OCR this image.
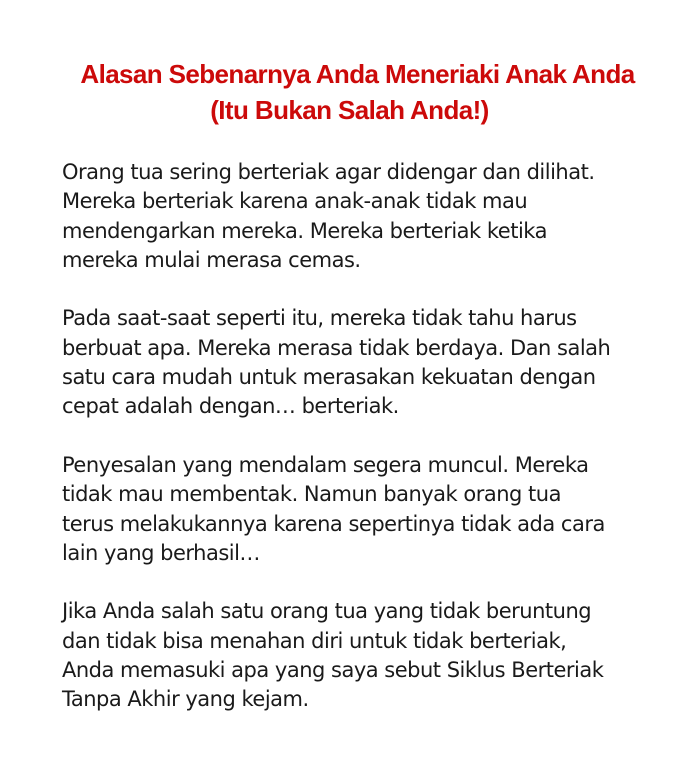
Alasan Sebenarnya Anda Meneriaki Anak Anda
(Itu Bukan Salah Anda!)

Orang tua sering berteriak agar didengar dan dilihat.
Mereka berteriak karena anak-anak tidak mau
mendengarkan mereka. Mereka berteriak ketika
mereka mulai merasa cemas.

Pada saat-saat seperti itu, mereka tidak tahu harus
berbuat apa. Mereka merasa tidak berdaya. Dan salah
satu cara mudah untuk merasakan kekuatan dengan
cepat adalah dengan… berteriak.

Penyesalan yang mendalam segera muncul. Mereka
tidak mau membentak. Namun banyak orang tua
terus melakukannya karena sepertinya tidak ada cara
lain yang berhasil…

Jika Anda salah satu orang tua yang tidak beruntung
dan tidak bisa menahan diri untuk tidak berteriak,
Anda memasuki apa yang saya sebut Siklus Berteriak
Tanpa Akhir yang kejam.
